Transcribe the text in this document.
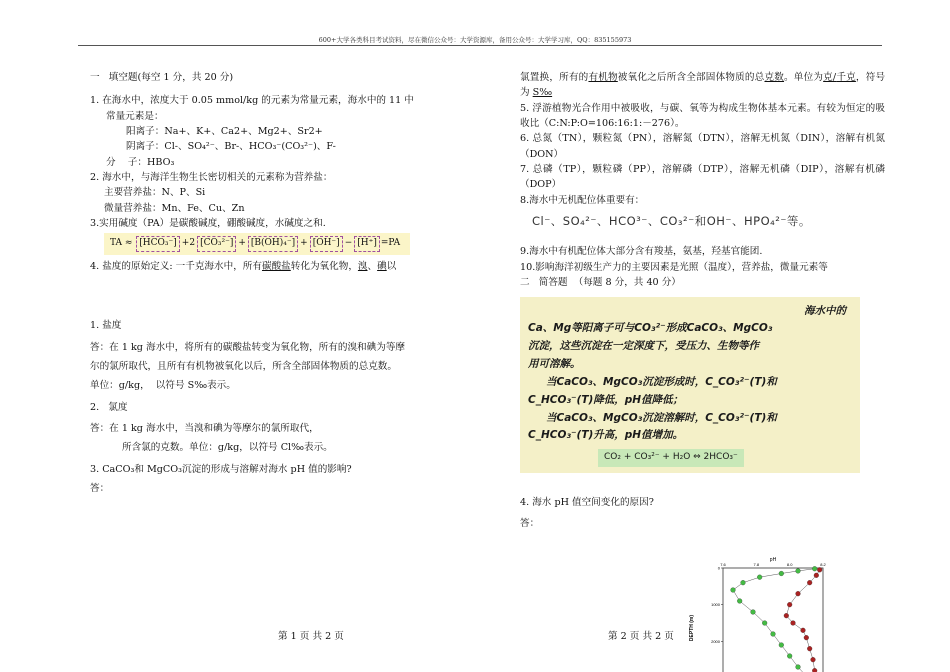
600+大学各类科目考试资料，尽在微信公众号：大学资源库，备用公众号：大学学习库，QQ：835155973

一   填空题(每空 1 分，共 20 分)

1. 在海水中，浓度大于 0.05 mmol/kg 的元素为常量元素，海水中的 11 中

常量元素是：

阳离子：Na+、K+、Ca2+、Mg2+、Sr2+

阴离子：Cl-、SO₄²⁻、Br-、HCO₃⁻(CO₃²⁻)、F-

分    子：HBO₃

2. 海水中，与海洋生物生长密切相关的元素称为营养盐：

主要营养盐：N、P、Si

微量营养盐：Mn、Fe、Cu、Zn

3.实用碱度（PA）是碳酸碱度，硼酸碱度，水碱度之和.

TA ≈ [HCO₃⁻] +2 [CO₃²⁻] + [B(OH)₄⁻] + [OH⁻] − [H⁺] =PA

4. 盐度的原始定义: 一千克海水中，所有碳酸盐转化为氧化物，溴、碘以

1. 盐度

答：在 1 kg 海水中，将所有的碳酸盐转变为氧化物，所有的溴和碘为等摩

尔的氯所取代，且所有有机物被氧化以后，所含全部固体物质的总克数。

单位：g/kg，  以符号 S‰表示。

2.   氯度

答：在 1 kg 海水中，当溴和碘为等摩尔的氯所取代，

所含氯的克数。单位：g/kg，以符号 Cl‰表示。

3. CaCO₃和 MgCO₃沉淀的形成与溶解对海水 pH 值的影响?

答：

氯置换，所有的有机物被氧化之后所含全部固体物质的总克数。单位为克/千克，符号为 S‰

5. 浮游植物光合作用中被吸收，与碳、氧等为构成生物体基本元素。有较为恒定的吸收比（C:N:P:O=106:16:1:－276）。

6. 总氮（TN），颗粒氮（PN），溶解氮（DTN），溶解无机氮（DIN），溶解有机氮（DON）

7. 总磷（TP），颗粒磷（PP），溶解磷（DTP），溶解无机磷（DIP），溶解有机磷（DOP）

8.海水中无机配位体重要有：

Cl⁻、SO₄²⁻、HCO³⁻、CO₃²⁻和OH⁻、HPO₄²⁻等。

9.海水中有机配位体大部分含有羧基，氨基，羟基官能团.

10.影响海洋初级生产力的主要因素是光照（温度），营养盐，微量元素等

二   简答题  （每题 8 分，共 40 分）

海水中的

Ca、Mg等阳离子可与CO₃²⁻形成CaCO₃、MgCO₃

沉淀，这些沉淀在一定深度下，受压力、生物等作

用可溶解。

当CaCO₃、MgCO₃沉淀形成时，C_CO₃²⁻(T)和

C_HCO₃⁻(T)降低，pH值降低；

当CaCO₃、MgCO₃沉淀溶解时，C_CO₃²⁻(T)和

C_HCO₃⁻(T)升高，pH值增加。

CO₂ + CO₃²⁻ + H₂O ⇔ 2HCO₃⁻

4. 海水 pH 值空间变化的原因?

答：

pH
7.6	7.8	8.0	8.2
0
1000
2000
DEPTH (m)
第 1 页 共 2 页	第 2 页 共 2 页
